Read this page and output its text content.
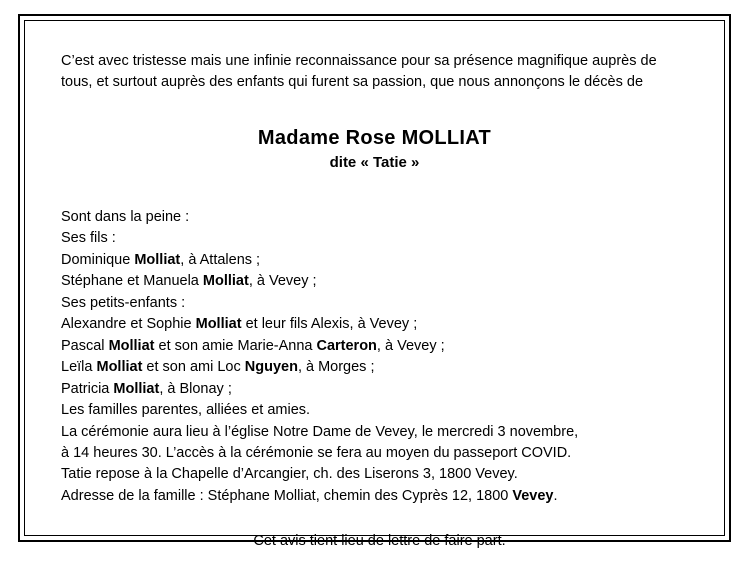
C’est avec tristesse mais une infinie reconnaissance pour sa présence magnifique auprès de tous, et surtout auprès des enfants qui furent sa passion, que nous annonçons le décès de

Madame Rose MOLLIAT
dite « Tatie »
Sont dans la peine :
Ses fils :
Dominique Molliat, à Attalens ;
Stéphane et Manuela Molliat, à Vevey ;
Ses petits-enfants :
Alexandre et Sophie Molliat et leur fils Alexis, à Vevey ;
Pascal Molliat et son amie Marie-Anna Carteron, à Vevey ;
Leïla Molliat et son ami Loc Nguyen, à Morges ;
Patricia Molliat, à Blonay ;
Les familles parentes, alliées et amies.
La cérémonie aura lieu à l’église Notre Dame de Vevey, le mercredi 3 novembre,
à 14 heures 30. L’accès à la cérémonie se fera au moyen du passeport COVID.
Tatie repose à la Chapelle d’Arcangier, ch. des Liserons 3, 1800 Vevey.
Adresse de la famille : Stéphane Molliat, chemin des Cyprès 12, 1800 Vevey.

Cet avis tient lieu de lettre de faire part.
